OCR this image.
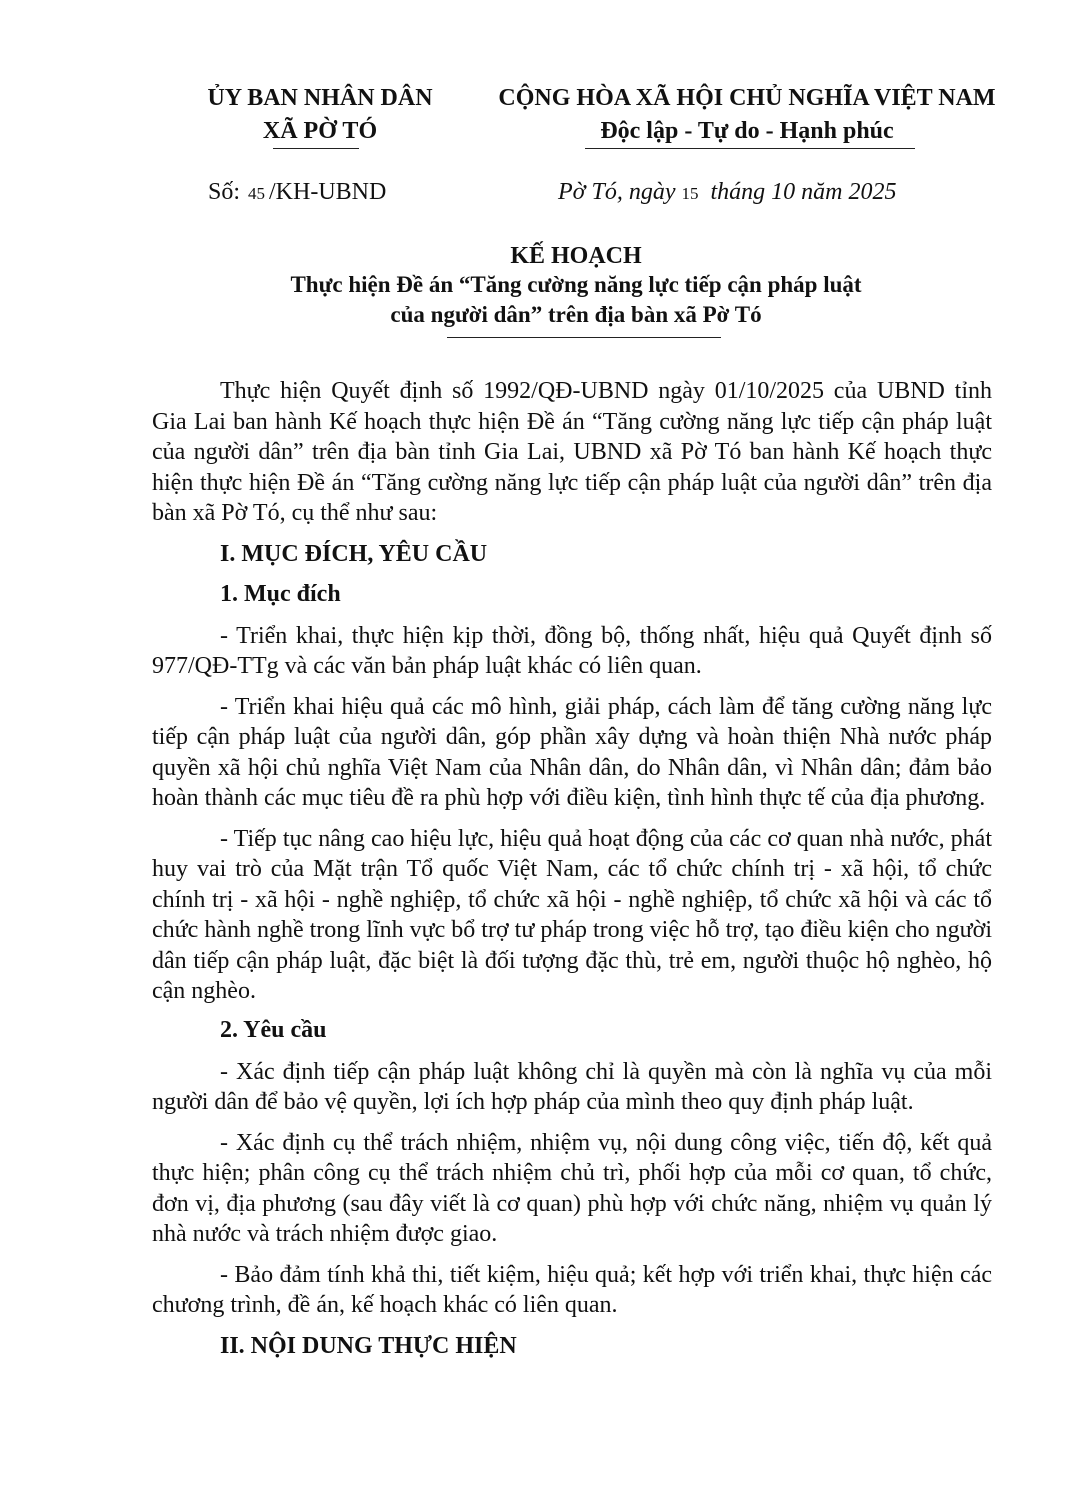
ỦY BAN NHÂN DÂN
XÃ PỜ TÓ
CỘNG HÒA XÃ HỘI CHỦ NGHĨA VIỆT NAM
Độc lập - Tự do - Hạnh phúc
Số: 45 /KH-UBND	Pờ Tó, ngày 15 tháng 10 năm 2025
KẾ HOẠCH
Thực hiện Đề án “Tăng cường năng lực tiếp cận pháp luật
của người dân” trên địa bàn xã Pờ Tó

Thực hiện Quyết định số 1992/QĐ-UBND ngày 01/10/2025 của UBND tỉnh Gia Lai ban hành Kế hoạch thực hiện Đề án “Tăng cường năng lực tiếp cận pháp luật của người dân” trên địa bàn tỉnh Gia Lai, UBND xã Pờ Tó ban hành Kế hoạch thực hiện thực hiện Đề án “Tăng cường năng lực tiếp cận pháp luật của người dân” trên địa bàn xã Pờ Tó, cụ thể như sau:

I. MỤC ĐÍCH, YÊU CẦU
1. Mục đích

- Triển khai, thực hiện kịp thời, đồng bộ, thống nhất, hiệu quả Quyết định số 977/QĐ-TTg và các văn bản pháp luật khác có liên quan.

- Triển khai hiệu quả các mô hình, giải pháp, cách làm để tăng cường năng lực tiếp cận pháp luật của người dân, góp phần xây dựng và hoàn thiện Nhà nước pháp quyền xã hội chủ nghĩa Việt Nam của Nhân dân, do Nhân dân, vì Nhân dân; đảm bảo hoàn thành các mục tiêu đề ra phù hợp với điều kiện, tình hình thực tế của địa phương.

- Tiếp tục nâng cao hiệu lực, hiệu quả hoạt động của các cơ quan nhà nước, phát huy vai trò của Mặt trận Tổ quốc Việt Nam, các tổ chức chính trị - xã hội, tổ chức chính trị - xã hội - nghề nghiệp, tổ chức xã hội - nghề nghiệp, tổ chức xã hội và các tổ chức hành nghề trong lĩnh vực bổ trợ tư pháp trong việc hỗ trợ, tạo điều kiện cho người dân tiếp cận pháp luật, đặc biệt là đối tượng đặc thù, trẻ em, người thuộc hộ nghèo, hộ cận nghèo.

2. Yêu cầu

- Xác định tiếp cận pháp luật không chỉ là quyền mà còn là nghĩa vụ của mỗi người dân để bảo vệ quyền, lợi ích hợp pháp của mình theo quy định pháp luật.

- Xác định cụ thể trách nhiệm, nhiệm vụ, nội dung công việc, tiến độ, kết quả thực hiện; phân công cụ thể trách nhiệm chủ trì, phối hợp của mỗi cơ quan, tổ chức, đơn vị, địa phương (sau đây viết là cơ quan) phù hợp với chức năng, nhiệm vụ quản lý nhà nước và trách nhiệm được giao.

- Bảo đảm tính khả thi, tiết kiệm, hiệu quả; kết hợp với triển khai, thực hiện các chương trình, đề án, kế hoạch khác có liên quan.

II. NỘI DUNG THỰC HIỆN
